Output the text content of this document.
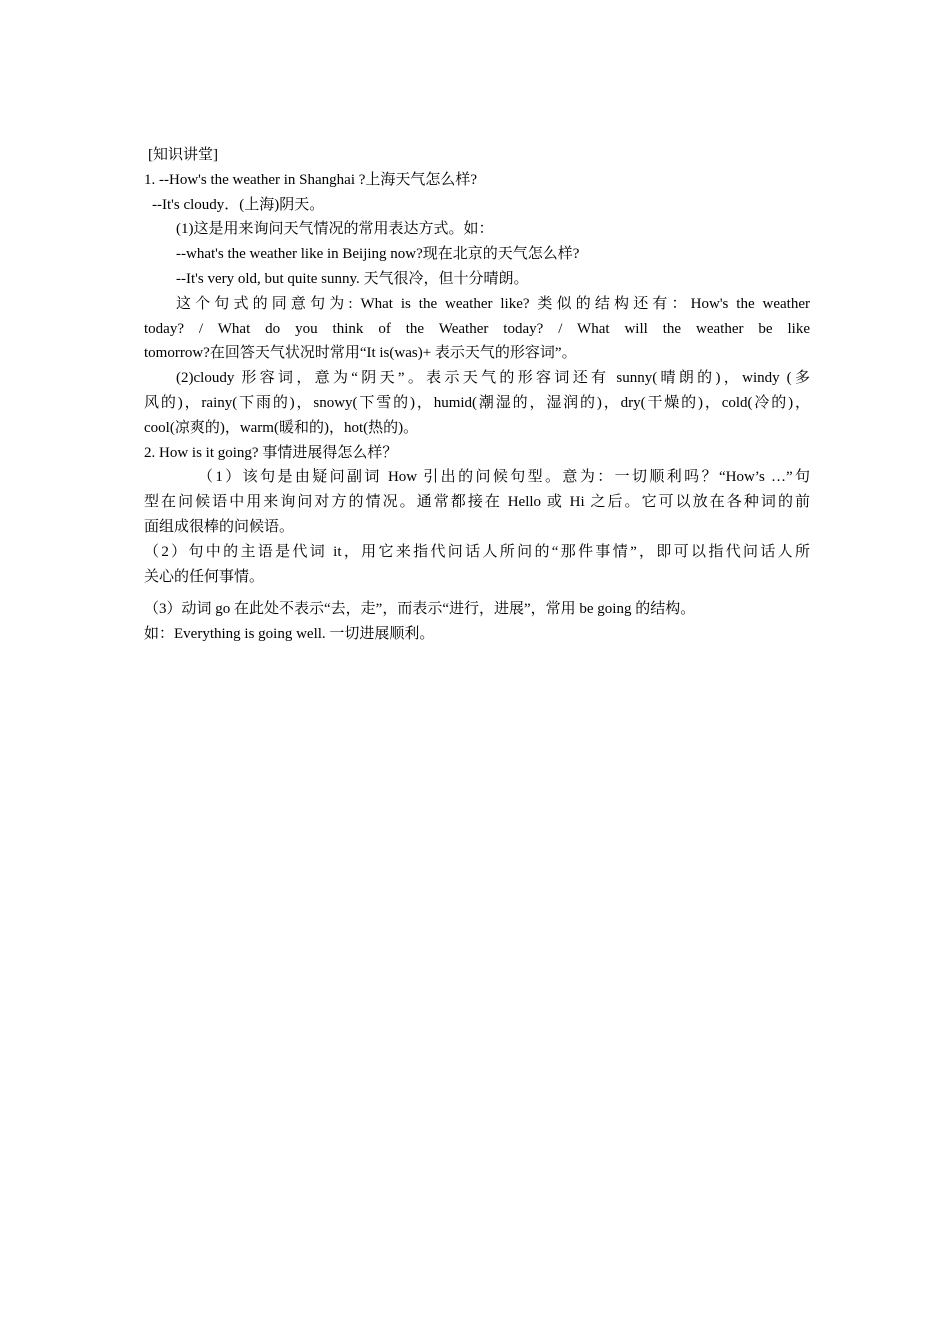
[知识讲堂]
1. --How's the weather in Shanghai ?上海天气怎么样?
--It's cloudy．(上海)阴天。
(1)这是用来询问天气情况的常用表达方式。如：
--what's the weather like in Beijing now?现在北京的天气怎么样?
--It's very old, but quite sunny. 天气很冷，但十分晴朗。
这个句式的同意句为: What is the weather like? 类似的结构还有：How's the weather
today? / What do you think of the Weather today? / What will the weather be like
tomorrow?在回答天气状况时常用“It is(was)+ 表示天气的形容词”。
(2)cloudy 形容词，意为“阴天”。表示天气的形容词还有 sunny(晴朗的)，windy (多
风的)，rainy(下雨的)，snowy(下雪的)，humid(潮湿的，湿润的)，dry(干燥的)，cold(冷的)，
cool(凉爽的)，warm(暖和的)，hot(热的)。
2. How is it going? 事情进展得怎么样？
（1）该句是由疑问副词 How 引出的问候句型。意为：一切顺利吗？“How’s …”句
型在问候语中用来询问对方的情况。通常都接在 Hello 或 Hi 之后。它可以放在各种词的前
面组成很棒的问候语。
（2）句中的主语是代词 it，用它来指代问话人所问的“那件事情”，即可以指代问话人所
关心的任何事情。
（3）动词 go 在此处不表示“去，走”，而表示“进行，进展”，常用 be going 的结构。
如：Everything is going well. 一切进展顺利。
